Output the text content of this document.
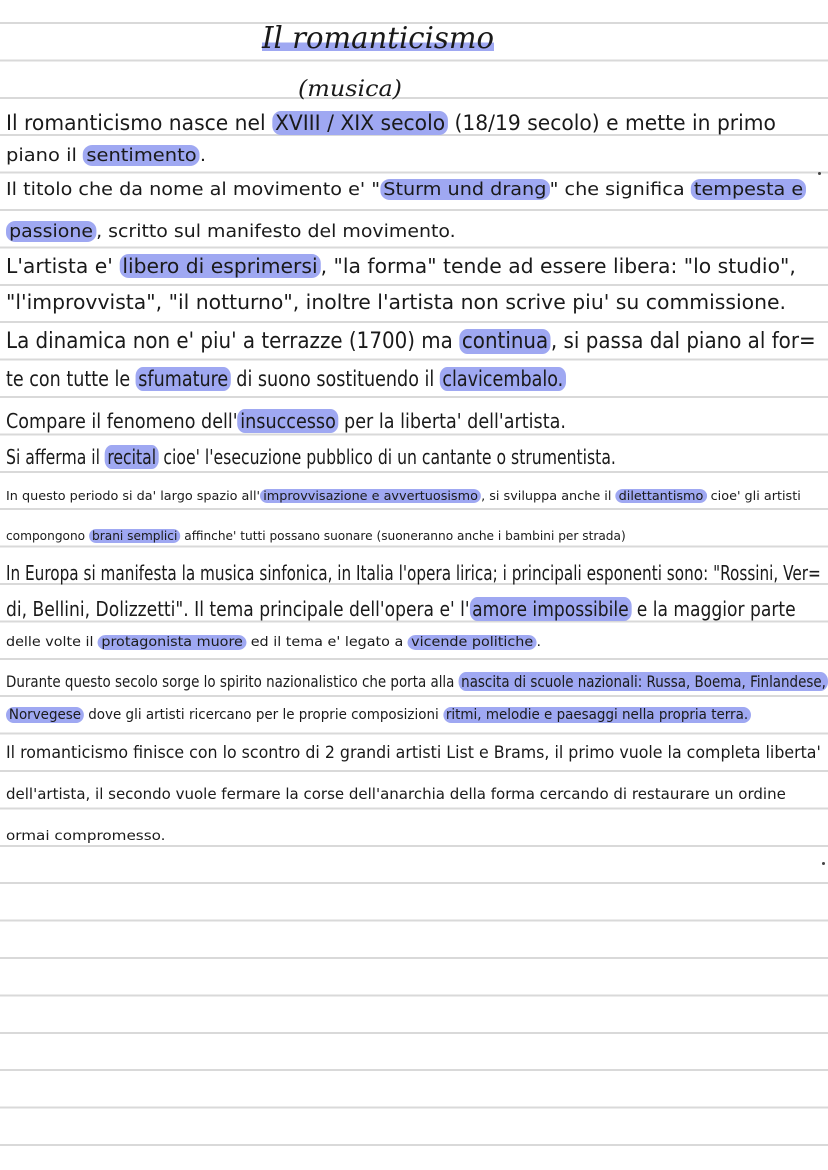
Il romanticismo
(musica)
Il romanticismo nasce nel XVIII / XIX secolo (18/19 secolo) e mette in primo
piano il sentimento .
Il titolo che da nome al movimento e' " Sturm und drang " che significa tempesta e
passione , scritto sul manifesto del movimento.
L'artista e' libero di esprimersi , "la forma" tende ad essere libera: "lo studio",
"l'improvvista", "il notturno", inoltre l'artista non scrive piu' su commissione.
La dinamica non e' piu' a terrazze (1700) ma continua , si passa dal piano al for=
te con tutte le sfumature di suono sostituendo il clavicembalo.
Compare il fenomeno dell' insuccesso per la liberta' dell'artista.
Si afferma il recital cioe' l'esecuzione pubblico di un cantante o strumentista.
In questo periodo si da' largo spazio all' improvvisazione e avvertuosismo , si sviluppa anche il dilettantismo cioe' gli artisti
compongono brani semplici affinche' tutti possano suonare (suoneranno anche i bambini per strada)
In Europa si manifesta la musica sinfonica, in Italia l'opera lirica; i principali esponenti sono: "Rossini, Ver=
di, Bellini, Dolizzetti". Il tema principale dell'opera e' l' amore impossibile e la maggior parte
delle volte il protagonista muore ed il tema e' legato a vicende politiche .
Durante questo secolo sorge lo spirito nazionalistico che porta alla nascita di scuole nazionali: Russa, Boema, Finlandese,
Norvegese dove gli artisti ricercano per le proprie composizioni ritmi, melodie e paesaggi nella propria terra.
Il romanticismo finisce con lo scontro di 2 grandi artisti List e Brams, il primo vuole la completa liberta'
dell'artista, il secondo vuole fermare la corse dell'anarchia della forma cercando di restaurare un ordine
ormai compromesso.
